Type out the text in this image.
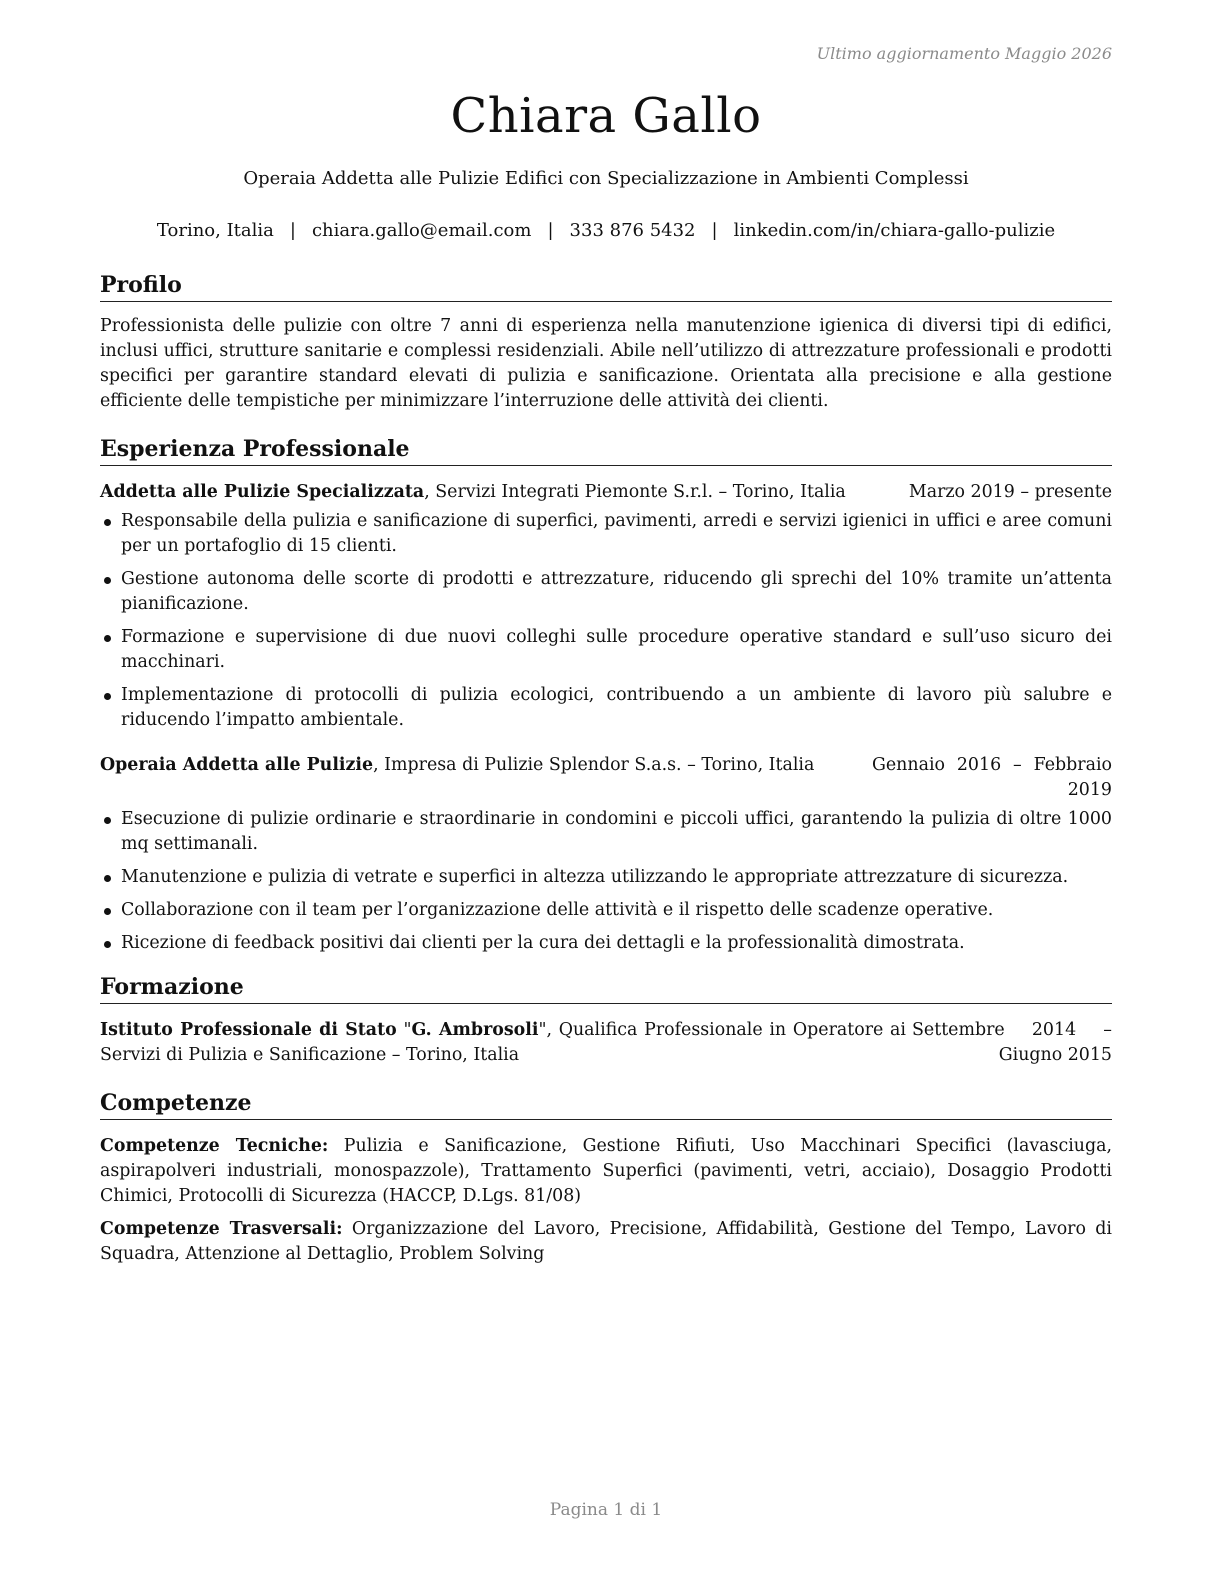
Ultimo aggiornamento Maggio 2026
Chiara Gallo
Operaia Addetta alle Pulizie Edifici con Specializzazione in Ambienti Complessi
Torino, Italia | chiara.gallo@email.com | 333 876 5432 | linkedin.com/in/chiara-gallo-pulizie
Profilo

Professionista delle pulizie con oltre 7 anni di esperienza nella manutenzione igienica di diversi tipi di edifici, inclusi uffici, strutture sanitarie e complessi residenziali. Abile nell’utilizzo di attrezzature professionali e prodotti specifici per garantire standard elevati di pulizia e sanificazione. Orientata alla precisione e alla gestione efficiente delle tempistiche per minimizzare l’interruzione delle attività dei clienti.

Esperienza Professionale
Addetta alle Pulizie Specializzata, Servizi Integrati Piemonte S.r.l. – Torino, Italia	Marzo 2019 – presente
Responsabile della pulizia e sanificazione di superfici, pavimenti, arredi e servizi igienici in uffici e aree comuni per un portafoglio di 15 clienti.
Gestione autonoma delle scorte di prodotti e attrezzature, riducendo gli sprechi del 10% tramite un’attenta pianificazione.
Formazione e supervisione di due nuovi colleghi sulle procedure operative standard e sull’uso sicuro dei macchinari.
Implementazione di protocolli di pulizia ecologici, contribuendo a un ambiente di lavoro più salubre e riducendo l’impatto ambientale.
Operaia Addetta alle Pulizie, Impresa di Pulizie Splendor S.a.s. – Torino, Italia	Gennaio 2016 – Febbraio 2019
Esecuzione di pulizie ordinarie e straordinarie in condomini e piccoli uffici, garantendo la pulizia di oltre 1000 mq settimanali.
Manutenzione e pulizia di vetrate e superfici in altezza utilizzando le appropriate attrezzature di sicurezza.
Collaborazione con il team per l’organizzazione delle attività e il rispetto delle scadenze operative.
Ricezione di feedback positivi dai clienti per la cura dei dettagli e la professionalità dimostrata.
Formazione
Istituto Professionale di Stato "G. Ambrosoli", Qualifica Professionale in Operatore ai Servizi di Pulizia e Sanificazione – Torino, Italia
Settembre 2014 – Giugno 2015
Competenze

Competenze Tecniche: Pulizia e Sanificazione, Gestione Rifiuti, Uso Macchinari Specifici (lavasciuga, aspirapolveri industriali, monospazzole), Trattamento Superfici (pavimenti, vetri, acciaio), Dosaggio Prodotti Chimici, Protocolli di Sicurezza (HACCP, D.Lgs. 81/08)

Competenze Trasversali: Organizzazione del Lavoro, Precisione, Affidabilità, Gestione del Tempo, Lavoro di Squadra, Attenzione al Dettaglio, Problem Solving

Pagina 1 di 1
